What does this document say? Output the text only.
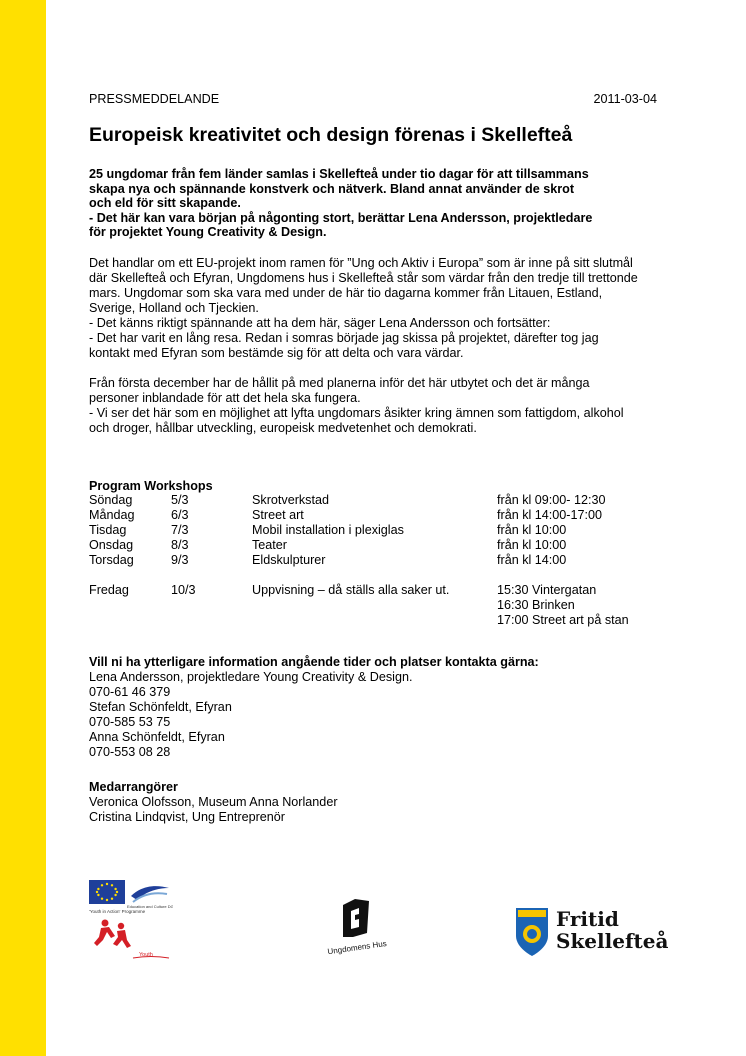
PRESSMEDDELANDE	2011-03-04
Europeisk kreativitet och design förenas i Skellefteå
25 ungdomar från fem länder samlas i Skellefteå under tio dagar för att tillsammans
skapa nya och spännande konstverk och nätverk. Bland annat använder de skrot
och eld för sitt skapande.
- Det här kan vara början på någonting stort, berättar Lena Andersson, projektledare
för projektet Young Creativity & Design.
Det handlar om ett EU-projekt inom ramen för ”Ung och Aktiv i Europa” som är inne på sitt slutmål
där Skellefteå och Efyran, Ungdomens hus i Skellefteå står som värdar från den tredje till trettonde
mars. Ungdomar som ska vara med under de här tio dagarna kommer från Litauen, Estland,
Sverige, Holland och Tjeckien.
- Det känns riktigt spännande att ha dem här, säger Lena Andersson och fortsätter:
- Det har varit en lång resa. Redan i somras började jag skissa på projektet, därefter tog jag
kontakt med Efyran som bestämde sig för att delta och vara värdar.
Från första december har de hållit på med planerna inför det här utbytet och det är många
personer inblandade för att det hela ska fungera.
- Vi ser det här som en möjlighet att lyfta ungdomars åsikter kring ämnen som fattigdom, alkohol
och droger, hållbar utveckling, europeisk medvetenhet och demokrati.
Program Workshops
Söndag	5/3	Skrotverkstad	från kl 09:00- 12:30
Måndag	6/3	Street art	från kl 14:00-17:00
Tisdag	7/3	Mobil installation i plexiglas	från kl 10:00
Onsdag	8/3	Teater	från kl 10:00
Torsdag	9/3	Eldskulpturer	från kl 14:00
Fredag	10/3	Uppvisning – då ställs alla saker ut.	15:30 Vintergatan
16:30 Brinken
17:00 Street art på stan
Vill ni ha ytterligare information angående tider och platser kontakta gärna:
Lena Andersson, projektledare Young Creativity & Design.
070-61 46 379
Stefan Schönfeldt, Efyran
070-585 53 75
Anna Schönfeldt, Efyran
070-553 08 28
Medarrangörer
Veronica Olofsson, Museum Anna Norlander
Cristina Lindqvist, Ung Entreprenör
Education and Culture DG
'Youth in Action' Programme
Youth	Ungdomens Hus
Fritid
Skellefteå
